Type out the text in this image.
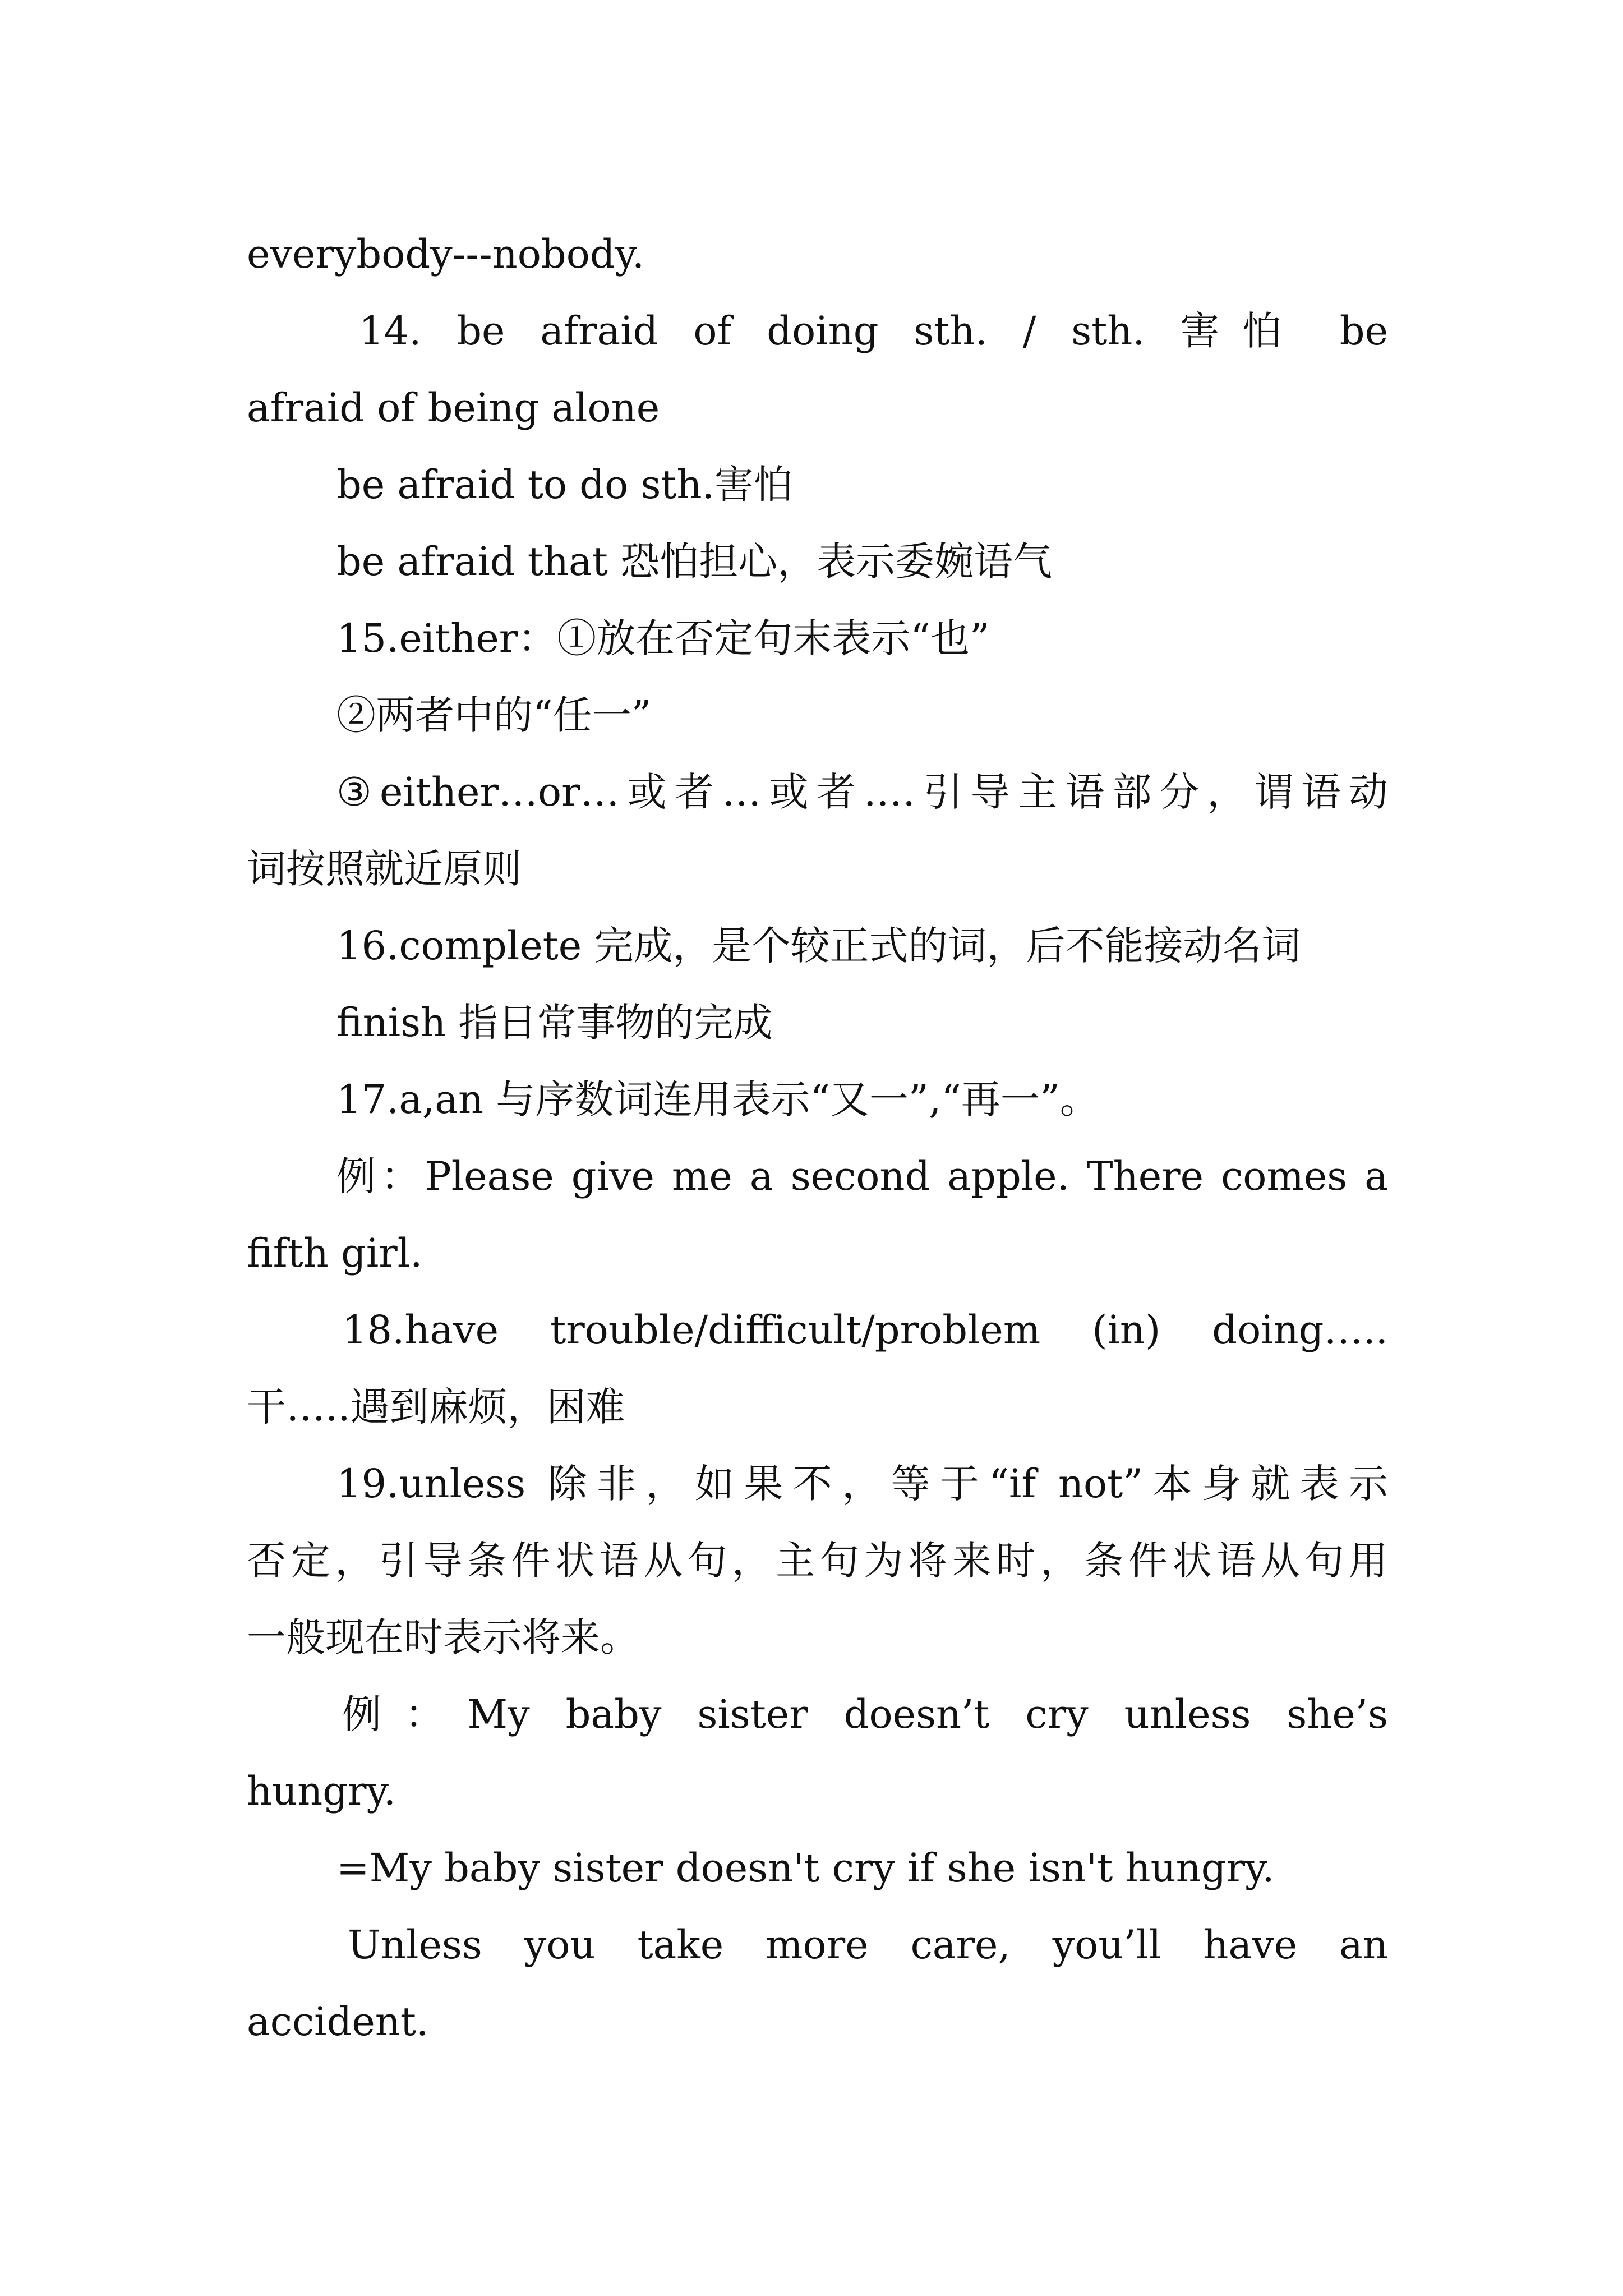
everybody---nobody.
14. be afraid of doing sth. / sth. 害怕 be
afraid of being alone
be afraid to do sth.害怕
be afraid that 恐怕担心，表示委婉语气
15.either：①放在否定句末表示“也”
②两者中的“任一”
③either…or…或者…或者.…引导主语部分，谓语动
词按照就近原则
16.complete 完成，是个较正式的词，后不能接动名词
finish 指日常事物的完成
17.a,an 与序数词连用表示“又一”,“再一”。
例：Please give me a second apple. There comes a
fifth girl.
18.have trouble/difficult/problem (in) doing…..
干…..遇到麻烦，困难
19.unless 除非，如果不，等于“if not”本身就表示
否定，引导条件状语从句，主句为将来时，条件状语从句用
一般现在时表示将来。
例：My baby sister doesn’t cry unless she’s
hungry.
=My baby sister doesn't cry if she isn't hungry.
Unless you take more care, you’ll have an
accident.
